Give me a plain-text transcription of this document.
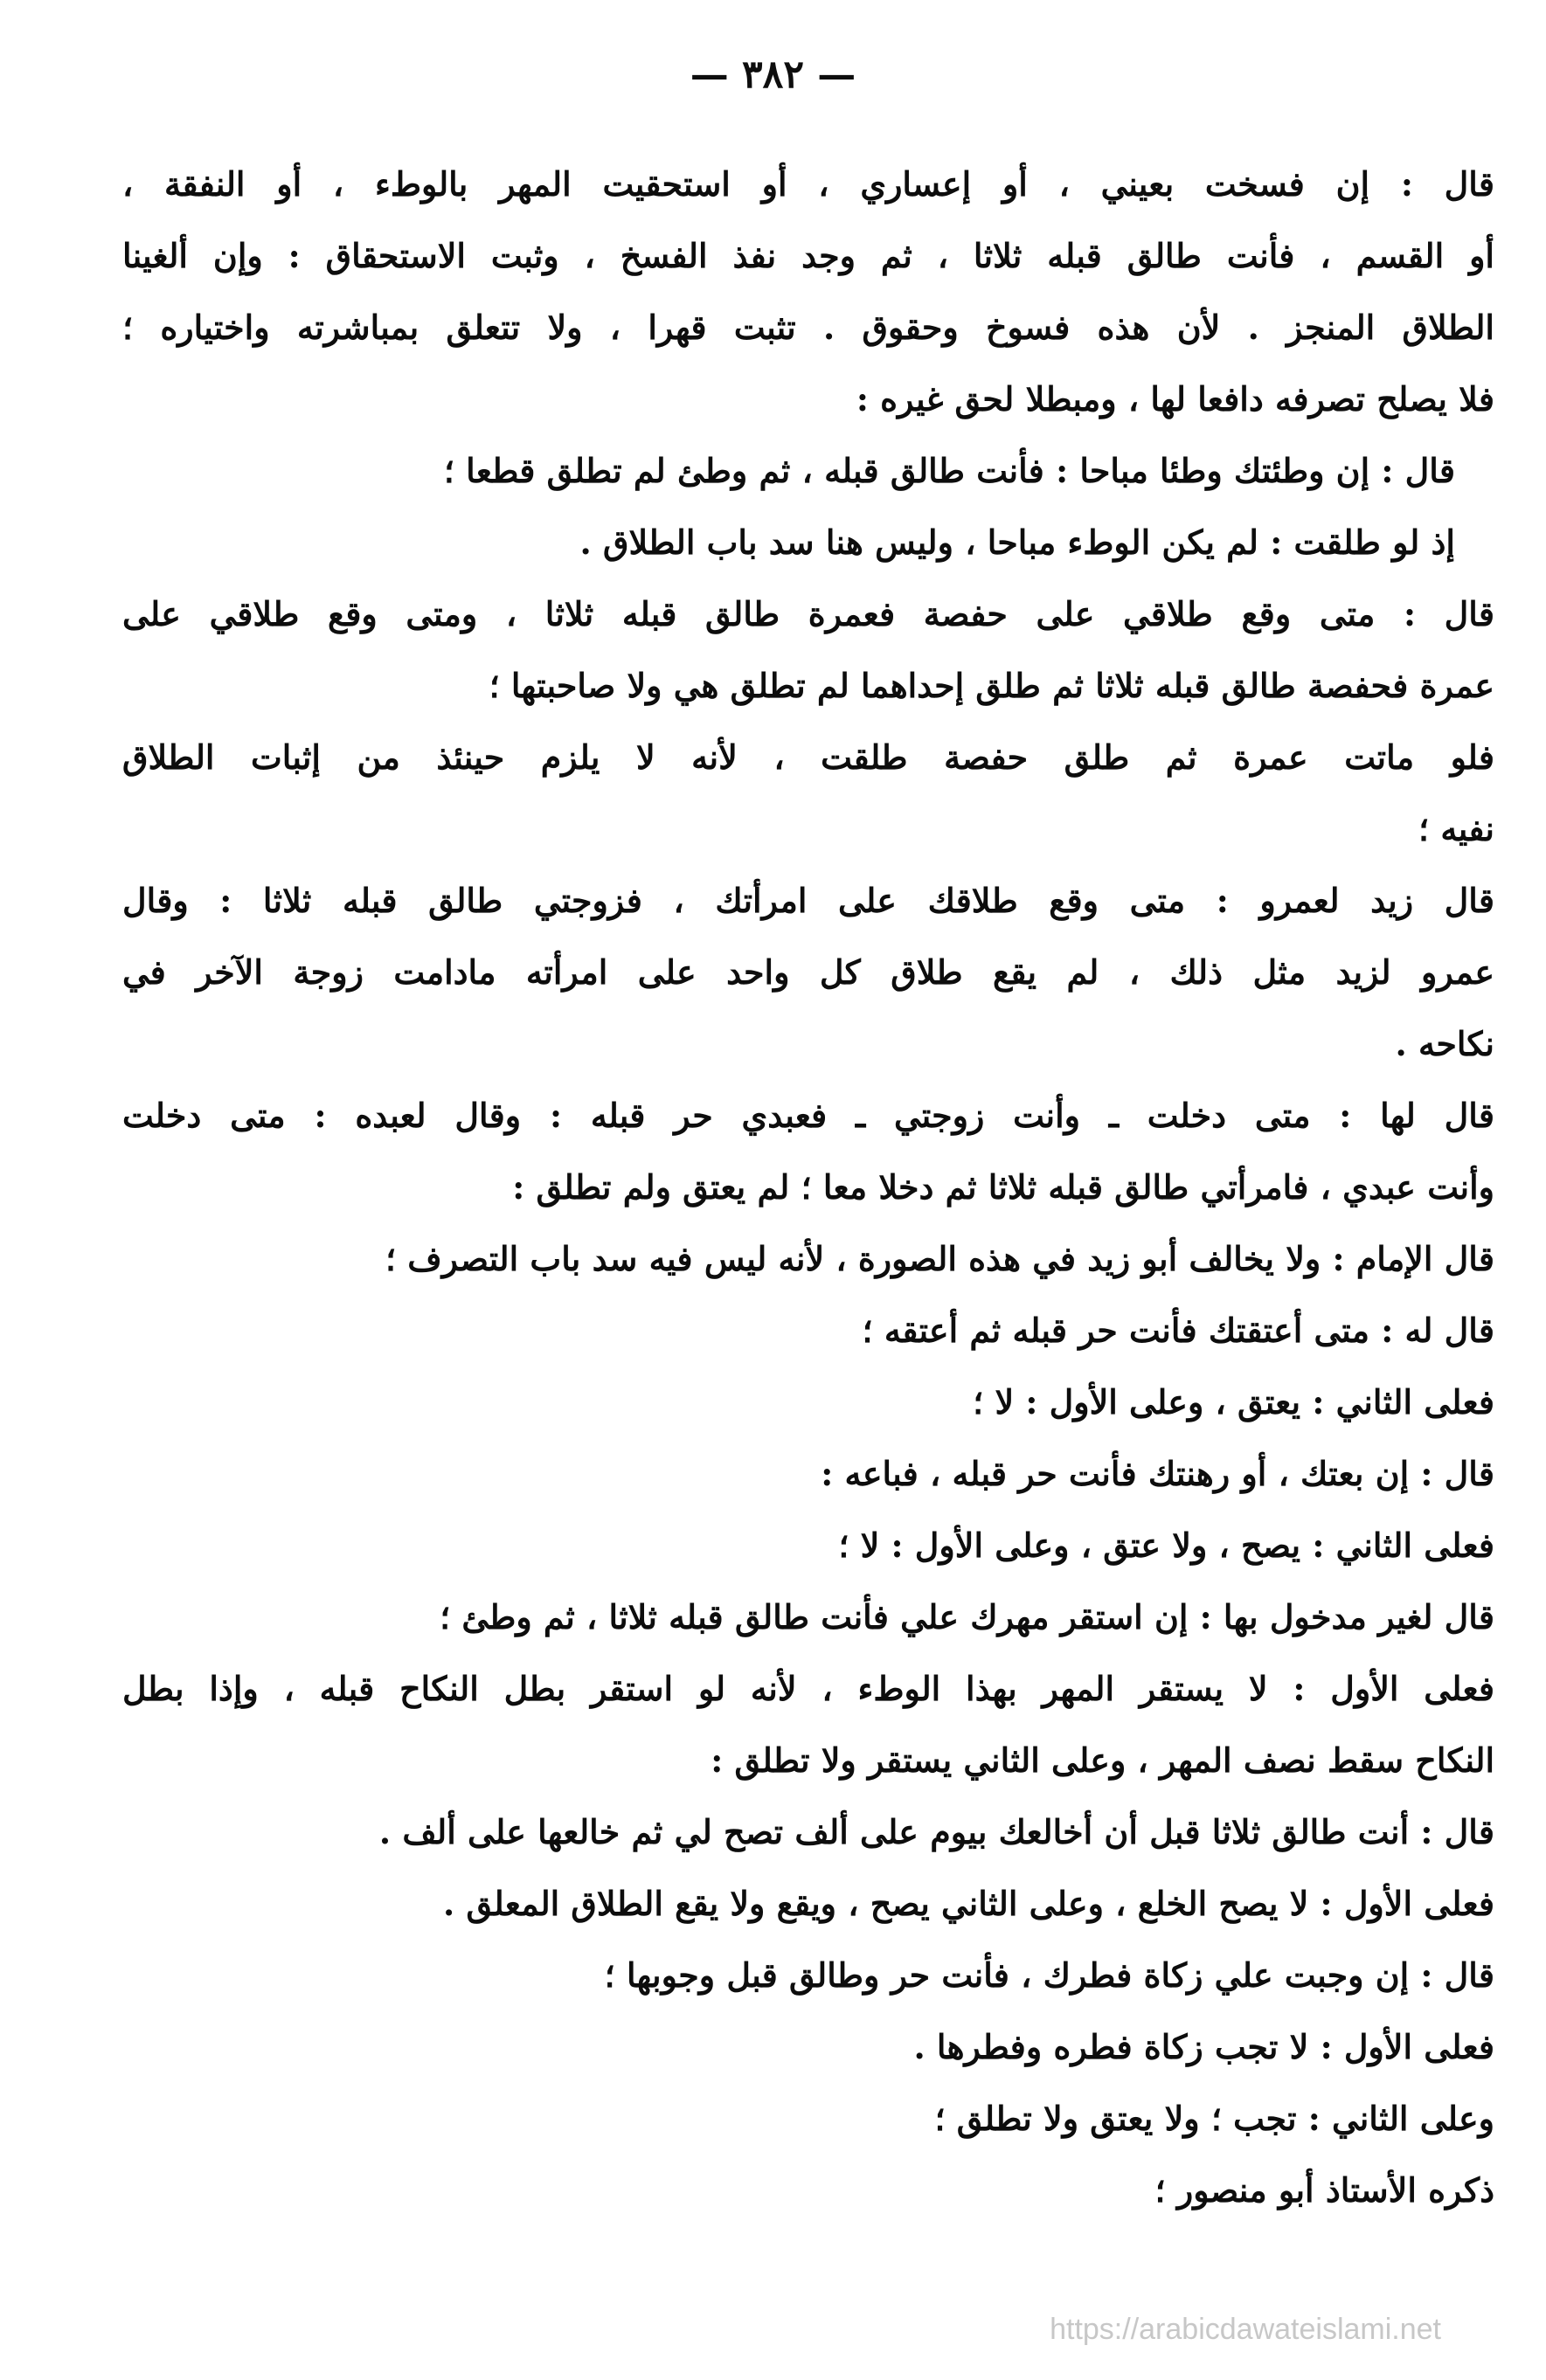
— ٣٨٢ —
قال : إن فسخت بعيني ، أو إعساري ، أو استحقيت المهر بالوطء ، أو النفقة ،
أو القسم ، فأنت طالق قبله ثلاثا ، ثم وجد نفذ الفسخ ، وثبت الاستحقاق : وإن ألغينا
الطلاق المنجز . لأن هذه فسوخ وحقوق . تثبت قهرا ، ولا تتعلق بمباشرته واختياره ؛
فلا يصلح تصرفه دافعا لها ، ومبطلا لحق غيره :
قال : إن وطئتك وطئا مباحا : فأنت طالق قبله ، ثم وطئ لم تطلق قطعا ؛
إذ لو طلقت : لم يكن الوطء مباحا ، وليس هنا سد باب الطلاق .
قال : متى وقع طلاقي على حفصة فعمرة طالق قبله ثلاثا ، ومتى وقع طلاقي على
عمرة فحفصة طالق قبله ثلاثا ثم طلق إحداهما لم تطلق هي ولا صاحبتها ؛
فلو ماتت عمرة ثم طلق حفصة طلقت ، لأنه لا يلزم حينئذ من إثبات الطلاق
نفيه ؛
قال زيد لعمرو : متى وقع طلاقك على امرأتك ، فزوجتي طالق قبله ثلاثا : وقال
عمرو لزيد مثل ذلك ، لم يقع طلاق كل واحد على امرأته مادامت زوجة الآخر في
نكاحه .
قال لها : متى دخلت ـ وأنت زوجتي ـ فعبدي حر قبله : وقال لعبده : متى دخلت
وأنت عبدي ، فامرأتي طالق قبله ثلاثا ثم دخلا معا ؛ لم يعتق ولم تطلق :
قال الإمام : ولا يخالف أبو زيد في هذه الصورة ، لأنه ليس فيه سد باب التصرف ؛
قال له : متى أعتقتك فأنت حر قبله ثم أعتقه ؛
فعلى الثاني : يعتق ، وعلى الأول : لا ؛
قال : إن بعتك ، أو رهنتك فأنت حر قبله ، فباعه :
فعلى الثاني : يصح ، ولا عتق ، وعلى الأول : لا ؛
قال لغير مدخول بها : إن استقر مهرك علي فأنت طالق قبله ثلاثا ، ثم وطئ ؛
فعلى الأول : لا يستقر المهر بهذا الوطء ، لأنه لو استقر بطل النكاح قبله ، وإذا بطل
النكاح سقط نصف المهر ، وعلى الثاني يستقر ولا تطلق :
قال : أنت طالق ثلاثا قبل أن أخالعك بيوم على ألف تصح لي ثم خالعها على ألف .
فعلى الأول : لا يصح الخلع ، وعلى الثاني يصح ، ويقع ولا يقع الطلاق المعلق .
قال : إن وجبت علي زكاة فطرك ، فأنت حر وطالق قبل وجوبها ؛
فعلى الأول : لا تجب زكاة فطره وفطرها .
وعلى الثاني : تجب ؛ ولا يعتق ولا تطلق ؛
ذكره الأستاذ أبو منصور ؛
https://arabicdawateislami.net
